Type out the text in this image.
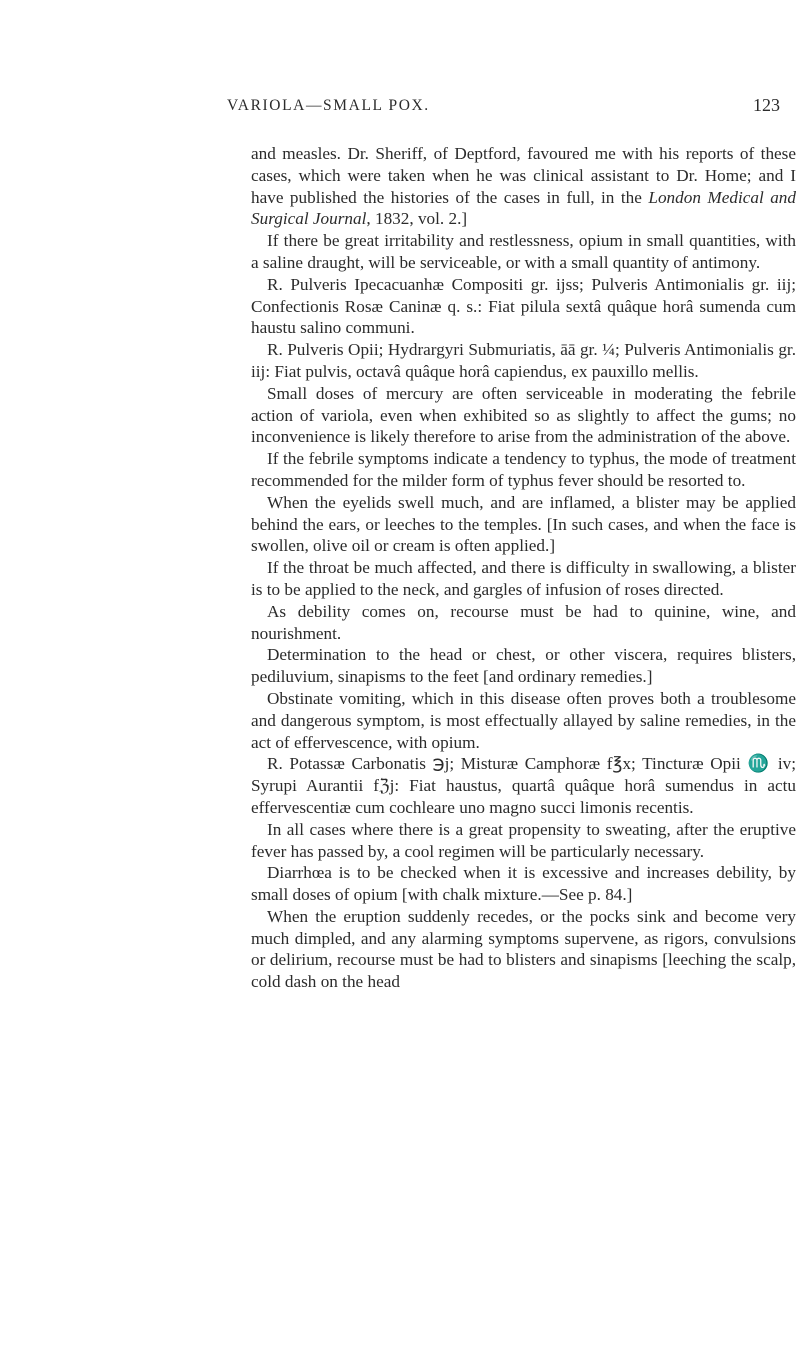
VARIOLA—SMALL POX.	123

and measles. Dr. Sheriff, of Deptford, favoured me with his reports of these cases, which were taken when he was clinical assistant to Dr. Home; and I have published the histories of the cases in full, in the London Medical and Surgical Journal, 1832, vol. 2.]

If there be great irritability and restlessness, opium in small quantities, with a saline draught, will be serviceable, or with a small quantity of antimony.

R. Pulveris Ipecacuanhæ Compositi gr. ijss; Pulveris Antimonialis gr. iij; Confectionis Rosæ Caninæ q. s.: Fiat pilula sextâ quâque horâ sumenda cum haustu salino communi.

R. Pulveris Opii; Hydrargyri Submuriatis, āā gr. ¼; Pulveris Antimonialis gr. iij: Fiat pulvis, octavâ quâque horâ capiendus, ex pauxillo mellis.

Small doses of mercury are often serviceable in moderating the febrile action of variola, even when exhibited so as slightly to affect the gums; no inconvenience is likely therefore to arise from the administration of the above.

If the febrile symptoms indicate a tendency to typhus, the mode of treatment recommended for the milder form of typhus fever should be resorted to.

When the eyelids swell much, and are inflamed, a blister may be applied behind the ears, or leeches to the temples. [In such cases, and when the face is swollen, olive oil or cream is often applied.]

If the throat be much affected, and there is difficulty in swallowing, a blister is to be applied to the neck, and gargles of infusion of roses directed.

As debility comes on, recourse must be had to quinine, wine, and nourishment.

Determination to the head or chest, or other viscera, requires blisters, pediluvium, sinapisms to the feet [and ordinary remedies.]

Obstinate vomiting, which in this disease often proves both a troublesome and dangerous symptom, is most effectually allayed by saline remedies, in the act of effervescence, with opium.

R. Potassæ Carbonatis ℈j; Misturæ Camphoræ f℥x; Tincturæ Opii ♏ iv; Syrupi Aurantii fℨj: Fiat haustus, quartâ quâque horâ sumendus in actu effervescentiæ cum cochleare uno magno succi limonis recentis.

In all cases where there is a great propensity to sweating, after the eruptive fever has passed by, a cool regimen will be particularly necessary.

Diarrhœa is to be checked when it is excessive and increases debility, by small doses of opium [with chalk mixture.—See p. 84.]

When the eruption suddenly recedes, or the pocks sink and become very much dimpled, and any alarming symptoms supervene, as rigors, convulsions or delirium, recourse must be had to blisters and sinapisms [leeching the scalp, cold dash on the head
